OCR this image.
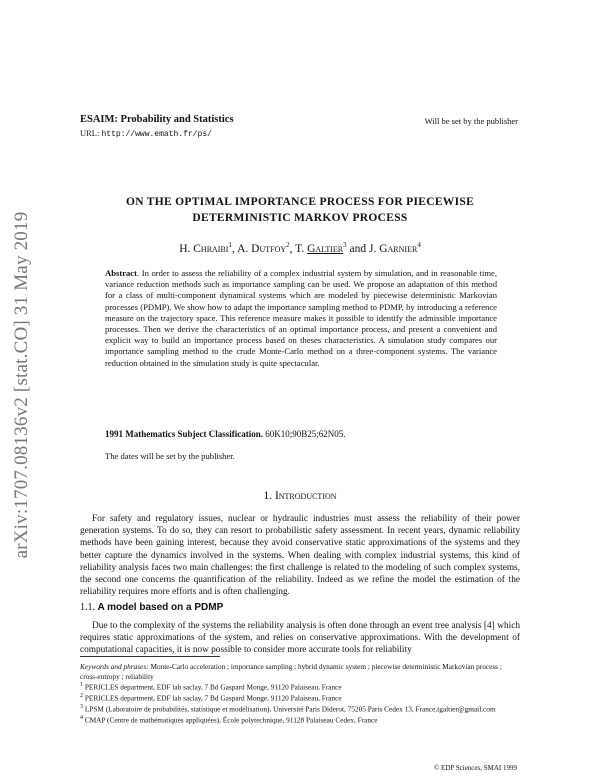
arXiv:1707.08136v2 [stat.CO] 31 May 2019
ESAIM: Probability and Statistics
URL: http://www.emath.fr/ps/
Will be set by the publisher
ON THE OPTIMAL IMPORTANCE PROCESS FOR PIECEWISE
DETERMINISTIC MARKOV PROCESS
H. Chraibi$^1$, A. Dutfoy$^2$, T. Galtier$^3$ and J. Garnier$^4$
Abstract. In order to assess the reliability of a complex industrial system by simulation, and in reasonable time, variance reduction methods such as importance sampling can be used. We propose an adaptation of this method for a class of multi-component dynamical systems which are modeled by piecewise deterministic Markovian processes (PDMP). We show how to adapt the importance sampling method to PDMP, by introducing a reference measure on the trajectory space. This reference measure makes it possible to identify the admissible importance processes. Then we derive the characteristics of an optimal importance process, and present a convenient and explicit way to build an importance process based on theses characteristics. A simulation study compares our importance sampling method to the crude Monte-Carlo method on a three-component systems. The variance reduction obtained in the simulation study is quite spectacular.
1991 Mathematics Subject Classification. 60K10;90B25;62N05.
The dates will be set by the publisher.
1. Introduction
For safety and regulatory issues, nuclear or hydraulic industries must assess the reliability of their power generation systems. To do so, they can resort to probabilistic safety assessment. In recent years, dynamic reliability methods have been gaining interest, because they avoid conservative static approximations of the systems and they better capture the dynamics involved in the systems. When dealing with complex industrial systems, this kind of reliability analysis faces two main challenges: the first challenge is related to the modeling of such complex systems, the second one concerns the quantification of the reliability. Indeed as we refine the model the estimation of the reliability requires more efforts and is often challenging.
1.1. A model based on a PDMP
Due to the complexity of the systems the reliability analysis is often done through an event tree analysis [4] which requires static approximations of the system, and relies on conservative approximations. With the development of computational capacities, it is now possible to consider more accurate tools for reliability
Keywords and phrases: Monte-Carlo acceleration ; importance sampling ; hybrid dynamic system ; piecewise deterministic Markovian process ; cross-entropy ; reliability
$^1$ PERICLES department, EDF lab saclay, 7 Bd Gaspard Monge, 91120 Palaiseau, France
$^2$ PERICLES department, EDF lab saclay, 7 Bd Gaspard Monge, 91120 Palaiseau, France
$^3$ LPSM (Laboratoire de probabilités, statistique et modélisation), Université Paris Diderot, 75205 Paris Cedex 13, France,tgaltier@gmail.com
$^4$ CMAP (Centre de mathématiques appliquées), École polytechnique, 91128 Palaiseau Cedex, France
© EDP Sciences, SMAI 1999
